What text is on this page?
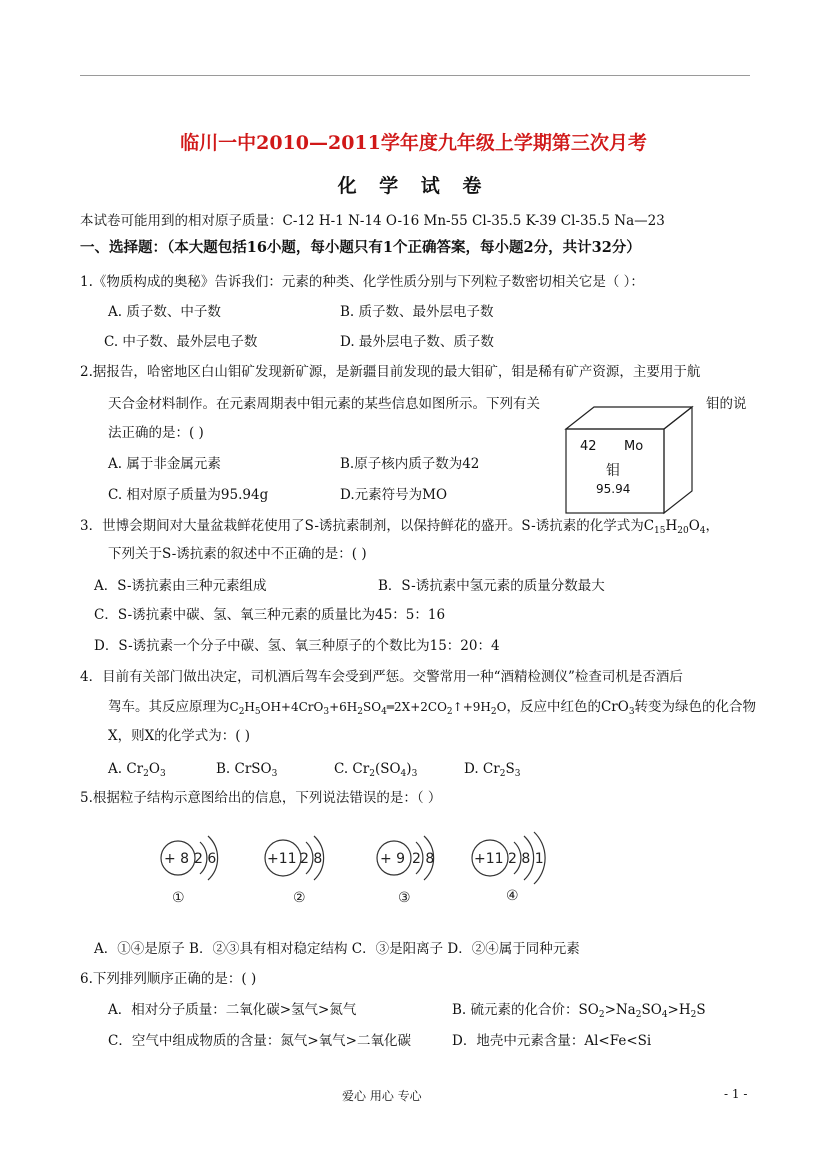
临川一中2010—2011学年度九年级上学期第三次月考
化 学 试 卷
本试卷可能用到的相对原子质量：C-12 H-1 N-14 O-16 Mn-55 Cl-35.5 K-39 Cl-35.5 Na—23
一、选择题：（本大题包括16小题，每小题只有1个正确答案，每小题2分，共计32分）
1.《物质构成的奥秘》告诉我们：元素的种类、化学性质分别与下列粒子数密切相关它是（ ）：
A. 质子数、中子数	B. 质子数、最外层电子数
C. 中子数、最外层电子数	D. 最外层电子数、质子数
2.据报告，哈密地区白山钼矿发现新矿源，是新疆目前发现的最大钼矿，钼是稀有矿产资源，主要用于航
天合金材料制作。在元素周期表中钼元素的某些信息如图所示。下列有关	钼的说
法正确的是：( )
A. 属于非金属元素	B.原子核内质子数为42
C. 相对原子质量为95.94g	D.元素符号为MO
42 Mo
钼
95.94
3．世博会期间对大量盆栽鲜花使用了S-诱抗素制剂，以保持鲜花的盛开。S-诱抗素的化学式为$C_{15}H_{20}O_4$，
下列关于S-诱抗素的叙述中不正确的是：( )
A．S-诱抗素由三种元素组成	B．S-诱抗素中氢元素的质量分数最大
C．S-诱抗素中碳、氢、氧三种元素的质量比为45：5：16
D．S-诱抗素一个分子中碳、氢、氧三种原子的个数比为15：20：4
4．目前有关部门做出决定，司机酒后驾车会受到严惩。交警常用一种“酒精检测仪”检查司机是否酒后
驾车。其反应原理为$C_2H_5OH+4CrO_3+6H_2SO_4═2X+2CO_2↑+9H_2O$，反应中红色的CrO$_3$转变为绿色的化合物
X，则X的化学式为：( )
A. $Cr_2O_3$	B. CrSO$_3$	C. $Cr_2(SO_4)_3$	D. $Cr_2S_3$
5.根据粒子结构示意图给出的信息，下列说法错误的是：（ ）
+ 8 2 6
①
+11 2 8
②
+ 9 2 8
③
+11 2 8 1
④
A．①④是原子 B．②③具有相对稳定结构 C．③是阳离子 D．②④属于同种元素
6.下列排列顺序正确的是：( )
A．相对分子质量：二氧化碳>氢气>氮气	B. 硫元素的化合价：$SO_2>Na_2SO_4>H_2S$
C．空气中组成物质的含量：氮气>氧气>二氧化碳	D．地壳中元素含量：Al<Fe<Si
爱心 用心 专心	- 1 -
